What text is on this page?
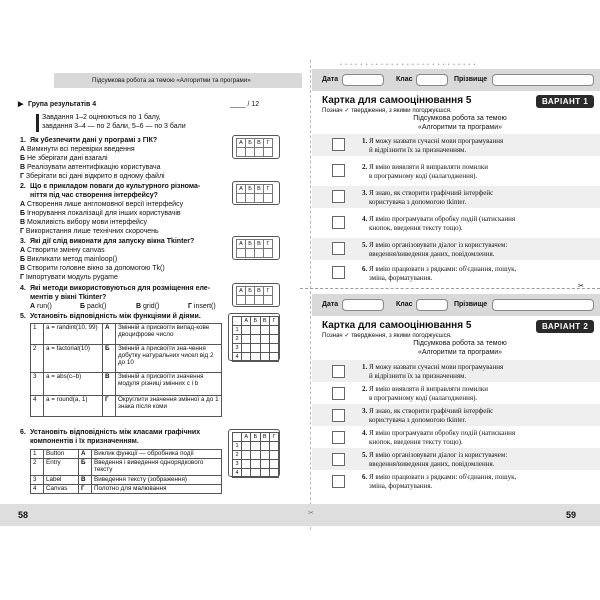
Підсумкова робота за темою «Алгоритми та програми»
▶ Група результатів 4	____ / 12
Завдання 1–2 оцінюються по 1 балу,
завдання 3–4 — по 2 бали, 5–6 — по 3 бали
1. Як убезпечити дані у програмі з ГІК?
А Вимкнути всі перевірки введення
Б Не зберігати дані взагалі
В Реалізувати автентифікацію користувача
Г Зберігати всі дані відкрито в одному файлі
А	Б	В	Г

2. Що є прикладом поваги до культурного різнома-
ніття під час створення інтерфейсу?
А Створення лише англомовної версії інтерфейсу
Б Ігнорування локалізації для інших користувачів
В Можливість вибору мови інтерфейсу
Г Використання лише технічних скорочень
А	Б	В	Г

3. Які дії слід виконати для запуску вікна Tkinter?
А Створити змінну canvas
Б Викликати метод mainloop()
В Створити головне вікно за допомогою Tk()
Г Імпортувати модуль pygame
А	Б	В	Г

4. Які методи використовуються для розміщення еле-
ментів у вікні Tkinter?
А run()	Б pack()	В grid()	Г insert()
А	Б	В	Г

5. Установіть відповідність між функціями й діями.
1	a = randint(10, 99)	А	Змінній a присвоїти випад-кове двоцифрове число
2	a = factorial(10)	Б	Змінній a присвоїти зна-чення добутку натуральних чисел від 2 до 10
3	a = abs(c–b)	В	Змінній a присвоїти значення модуля різниці змінних c і b
4	a = round(a, 1)	Г	Округлити значення змінної a до 1 знака після коми
	А	Б	В	Г
1				
2				
3				
4				
6. Установіть відповідність між класами графічних
компонентів і їх призначенням.
1	Button	А	Виклик функції — обробника події
2	Entry	Б	Введення і виведення однорядкового тексту
3	Label	В	Виведення тексту (зображення)
4	Canvas	Г	Полотно для малювання
	А	Б	В	Г
1				
2				
3				
4				
58
• • • • • • • • • • • • • • • • • • • • • • • • • • •
Дата	Клас	Прізвище
Картка для самооцінювання 5	ВАРІАНТ 1
Познач ✓ твердження, з якими погоджуєшся.
Підсумкова робота за темою
«Алгоритми та програми»
1. Я можу назвати сучасні мови програмування
й відрізнити їх за призначенням.
2. Я вмію виявляти й виправляти помилки
в програмному коді (налагодження).
3. Я знаю, як створити графічний інтерфейс
користувача з допомогою tkinter.
4. Я вмію програмувати обробку подій (натискання
кнопок, введення тексту тощо).
5. Я вмію організовувати діалог із користувачем:
введення/виведення даних, повідомлення.
6. Я вмію працювати з рядками: об'єднання, пошук,
зміна, форматування.
✂
Дата	Клас	Прізвище
Картка для самооцінювання 5	ВАРІАНТ 2
Познач ✓ твердження, з якими погоджуєшся.
Підсумкова робота за темою
«Алгоритми та програми»
1. Я можу назвати сучасні мови програмування
й відрізнити їх за призначенням.
2. Я вмію виявляти й виправляти помилки
в програмному коді (налагодження).
3. Я знаю, як створити графічний інтерфейс
користувача з допомогою tkinter.
4. Я вмію програмувати обробку подій (натискання
кнопок, введення тексту тощо).
5. Я вмію організовувати діалог із користувачем:
введення/виведення даних, повідомлення.
6. Я вмію працювати з рядками: об'єднання, пошук,
зміна, форматування.
59
✂
